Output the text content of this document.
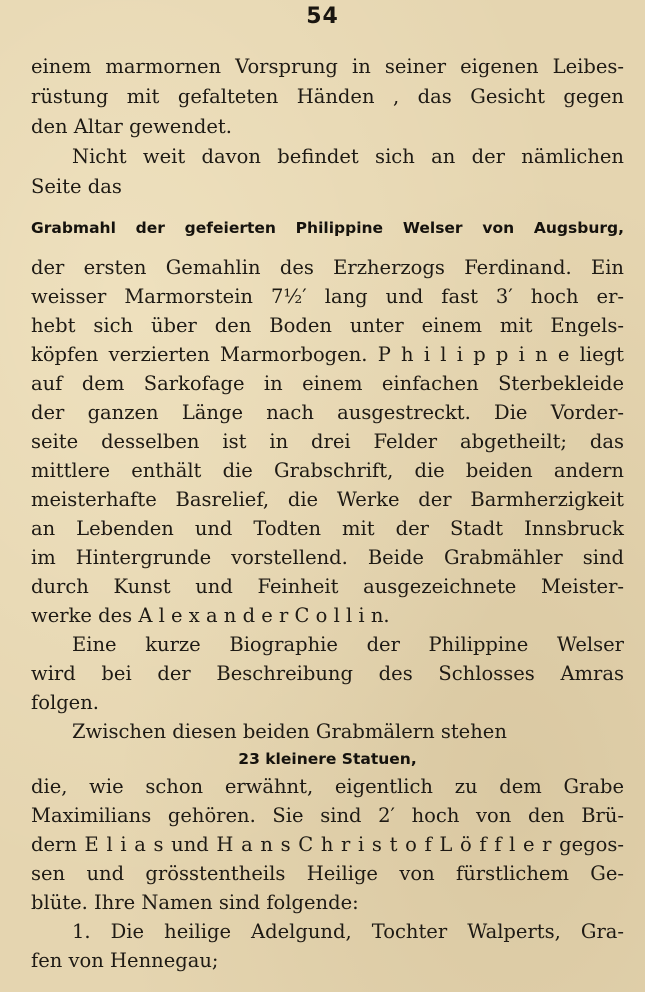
54
einem marmornen Vorsprung in seiner eigenen Leibes-
rüstung mit gefalteten Händen , das Gesicht gegen
den Altar gewendet.
Nicht weit davon befindet sich an der nämlichen
Seite das
Grabmahl der gefeierten Philippine Welser von Augsburg,
der ersten Gemahlin des Erzherzogs Ferdinand. Ein
weisser Marmorstein 7½′ lang und fast 3′ hoch er-
hebt sich über den Boden unter einem mit Engels-
köpfen verzierten Marmorbogen. P h i l i p p i n e liegt
auf dem Sarkofage in einem einfachen Sterbekleide
der ganzen Länge nach ausgestreckt. Die Vorder-
seite desselben ist in drei Felder abgetheilt; das
mittlere enthält die Grabschrift, die beiden andern
meisterhafte Basrelief, die Werke der Barmherzigkeit
an Lebenden und Todten mit der Stadt Innsbruck
im Hintergrunde vorstellend. Beide Grabmähler sind
durch Kunst und Feinheit ausgezeichnete Meister-
werke des A l e x a n d e r C o l l i n.
Eine kurze Biographie der Philippine Welser
wird bei der Beschreibung des Schlosses Amras
folgen.
Zwischen diesen beiden Grabmälern stehen
23 kleinere Statuen,
die, wie schon erwähnt, eigentlich zu dem Grabe
Maximilians gehören. Sie sind 2′ hoch von den Brü-
dern E l i a s und H a n s C h r i s t o f L ö f f l e r gegos-
sen und grösstentheils Heilige von fürstlichem Ge-
blüte. Ihre Namen sind folgende:
1. Die heilige Adelgund, Tochter Walperts, Gra-
fen von Hennegau;
